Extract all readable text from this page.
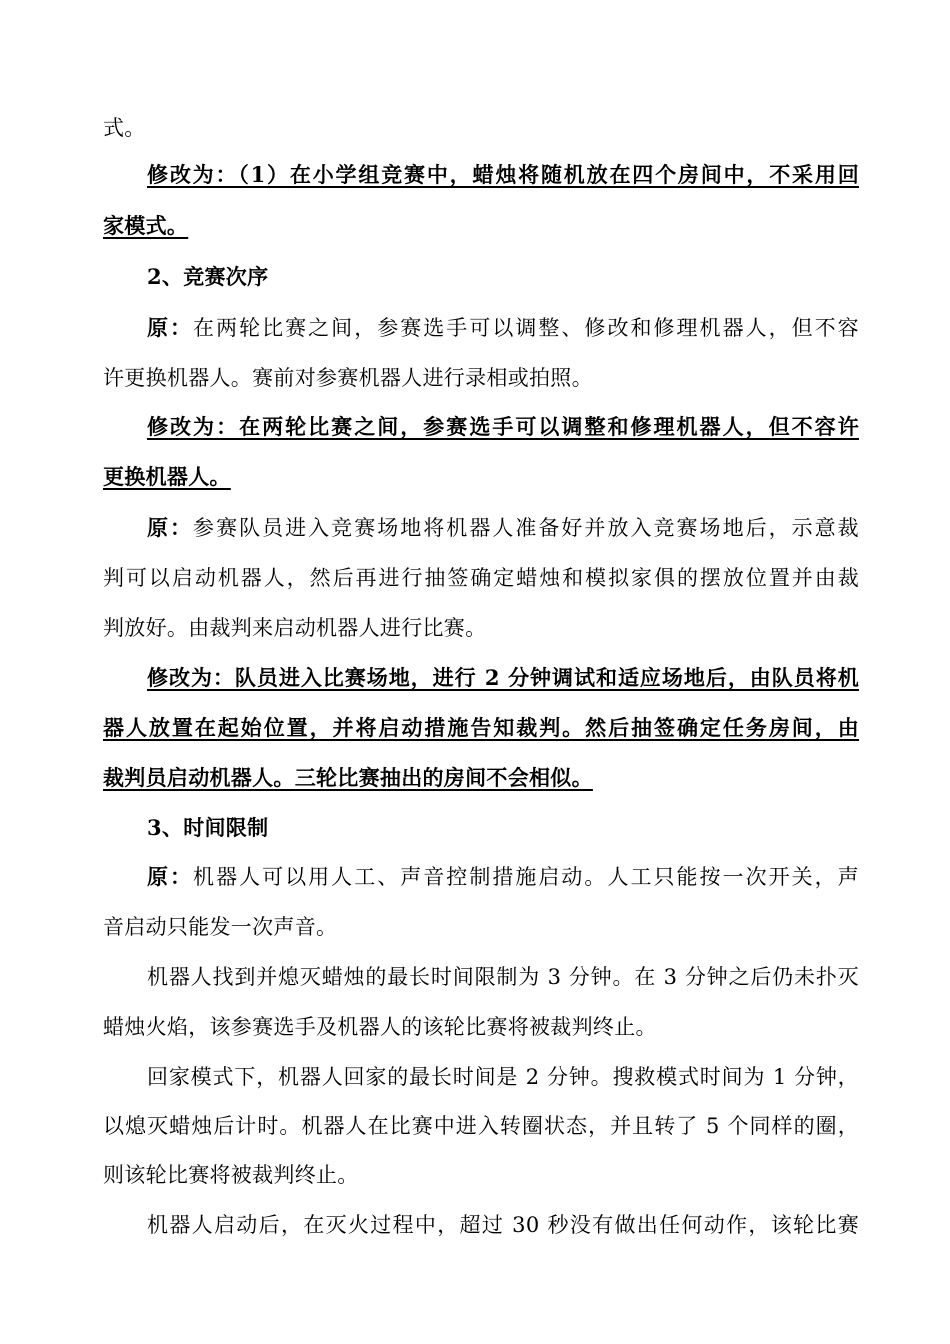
式。
修改为：（1）在小学组竞赛中，蜡烛将随机放在四个房间中，不采用回
家模式。
2、竞赛次序
原：在两轮比赛之间，参赛选手可以调整、修改和修理机器人，但不容
许更换机器人。赛前对参赛机器人进行录相或拍照。
修改为：在两轮比赛之间，参赛选手可以调整和修理机器人，但不容许
更换机器人。
原：参赛队员进入竞赛场地将机器人准备好并放入竞赛场地后，示意裁
判可以启动机器人，然后再进行抽签确定蜡烛和模拟家俱的摆放位置并由裁
判放好。由裁判来启动机器人进行比赛。
修改为：队员进入比赛场地，进行 2 分钟调试和适应场地后，由队员将机
器人放置在起始位置，并将启动措施告知裁判。然后抽签确定任务房间，由
裁判员启动机器人。三轮比赛抽出的房间不会相似。
3、时间限制
原：机器人可以用人工、声音控制措施启动。人工只能按一次开关，声
音启动只能发一次声音。
机器人找到并熄灭蜡烛的最长时间限制为 3 分钟。在 3 分钟之后仍未扑灭
蜡烛火焰，该参赛选手及机器人的该轮比赛将被裁判终止。
回家模式下，机器人回家的最长时间是 2 分钟。搜救模式时间为 1 分钟，
以熄灭蜡烛后计时。机器人在比赛中进入转圈状态，并且转了 5 个同样的圈，
则该轮比赛将被裁判终止。
机器人启动后，在灭火过程中，超过 30 秒没有做出任何动作，该轮比赛
